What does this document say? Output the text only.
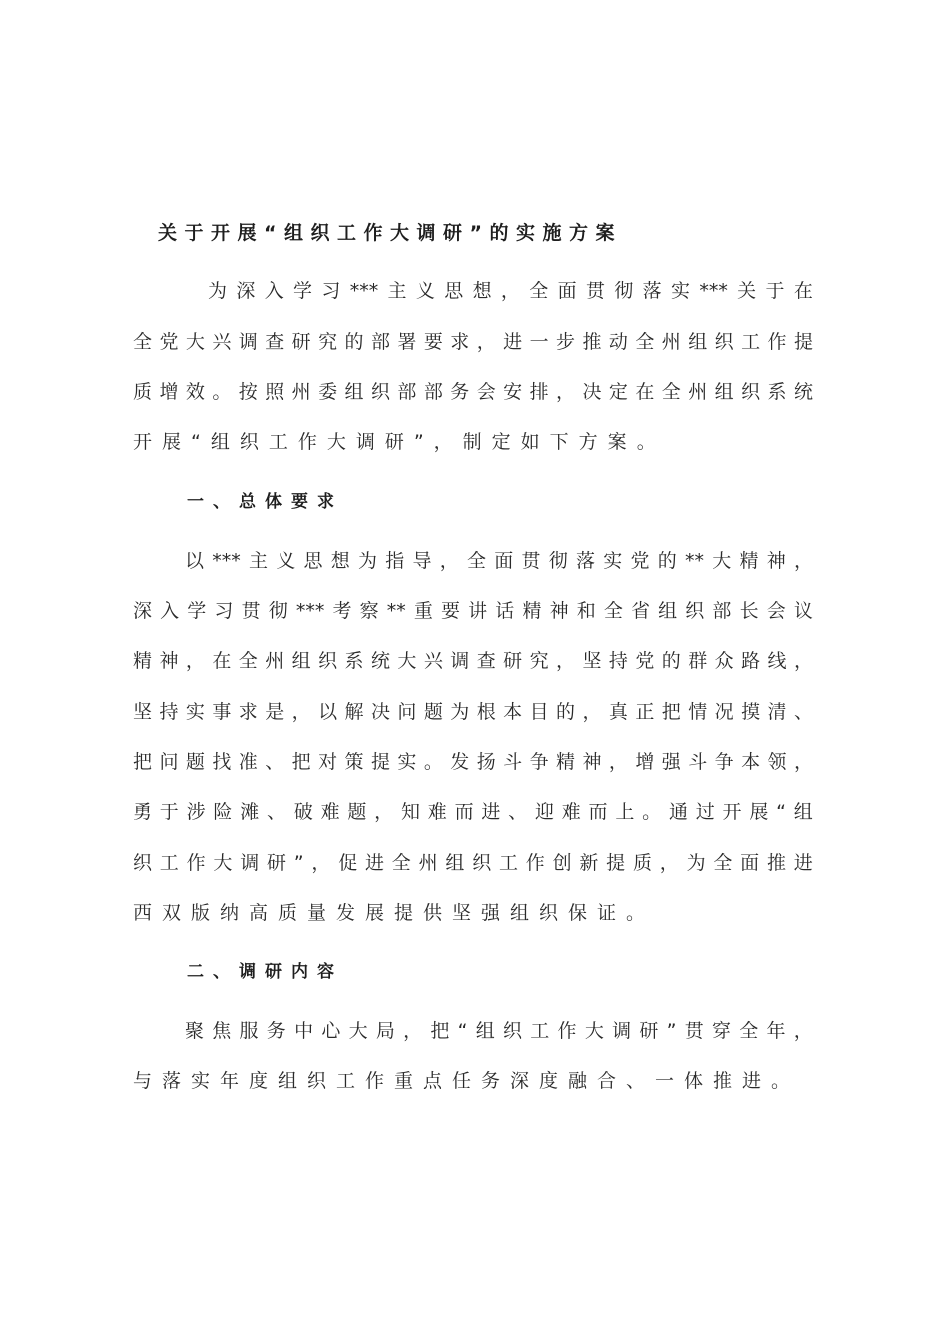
关于开展“组织工作大调研”的实施方案
为 深 入 学 习 *** 主 义 思 想 ， 全 面 贯 彻 落 实 *** 关 于 在
全 党 大 兴 调 查 研 究 的 部 署 要 求 ， 进 一 步 推 动 全 州 组 织 工 作 提
质 增 效 。 按 照 州 委 组 织 部 部 务 会 安 排 ， 决 定 在 全 州 组 织 系 统
开展“组织工作大调研”，制定如下方案。
一、总体要求
以 *** 主 义 思 想 为 指 导 ， 全 面 贯 彻 落 实 党 的 ** 大 精 神 ，
深 入 学 习 贯 彻 *** 考 察 ** 重 要 讲 话 精 神 和 全 省 组 织 部 长 会 议
精 神 ， 在 全 州 组 织 系 统 大 兴 调 查 研 究 ， 坚 持 党 的 群 众 路 线 ，
坚 持 实 事 求 是 ， 以 解 决 问 题 为 根 本 目 的 ， 真 正 把 情 况 摸 清 、
把 问 题 找 准 、 把 对 策 提 实 。 发 扬 斗 争 精 神 ， 增 强 斗 争 本 领 ，
勇 于 涉 险 滩 、 破 难 题 ， 知 难 而 进 、 迎 难 而 上 。 通 过 开 展 “ 组
织 工 作 大 调 研 ” ， 促 进 全 州 组 织 工 作 创 新 提 质 ， 为 全 面 推 进
西双版纳高质量发展提供坚强组织保证。
二、调研内容
聚 焦 服 务 中 心 大 局 ， 把 “ 组 织 工 作 大 调 研 ” 贯 穿 全 年 ，
与落实年度组织工作重点任务深度融合、一体推进。
